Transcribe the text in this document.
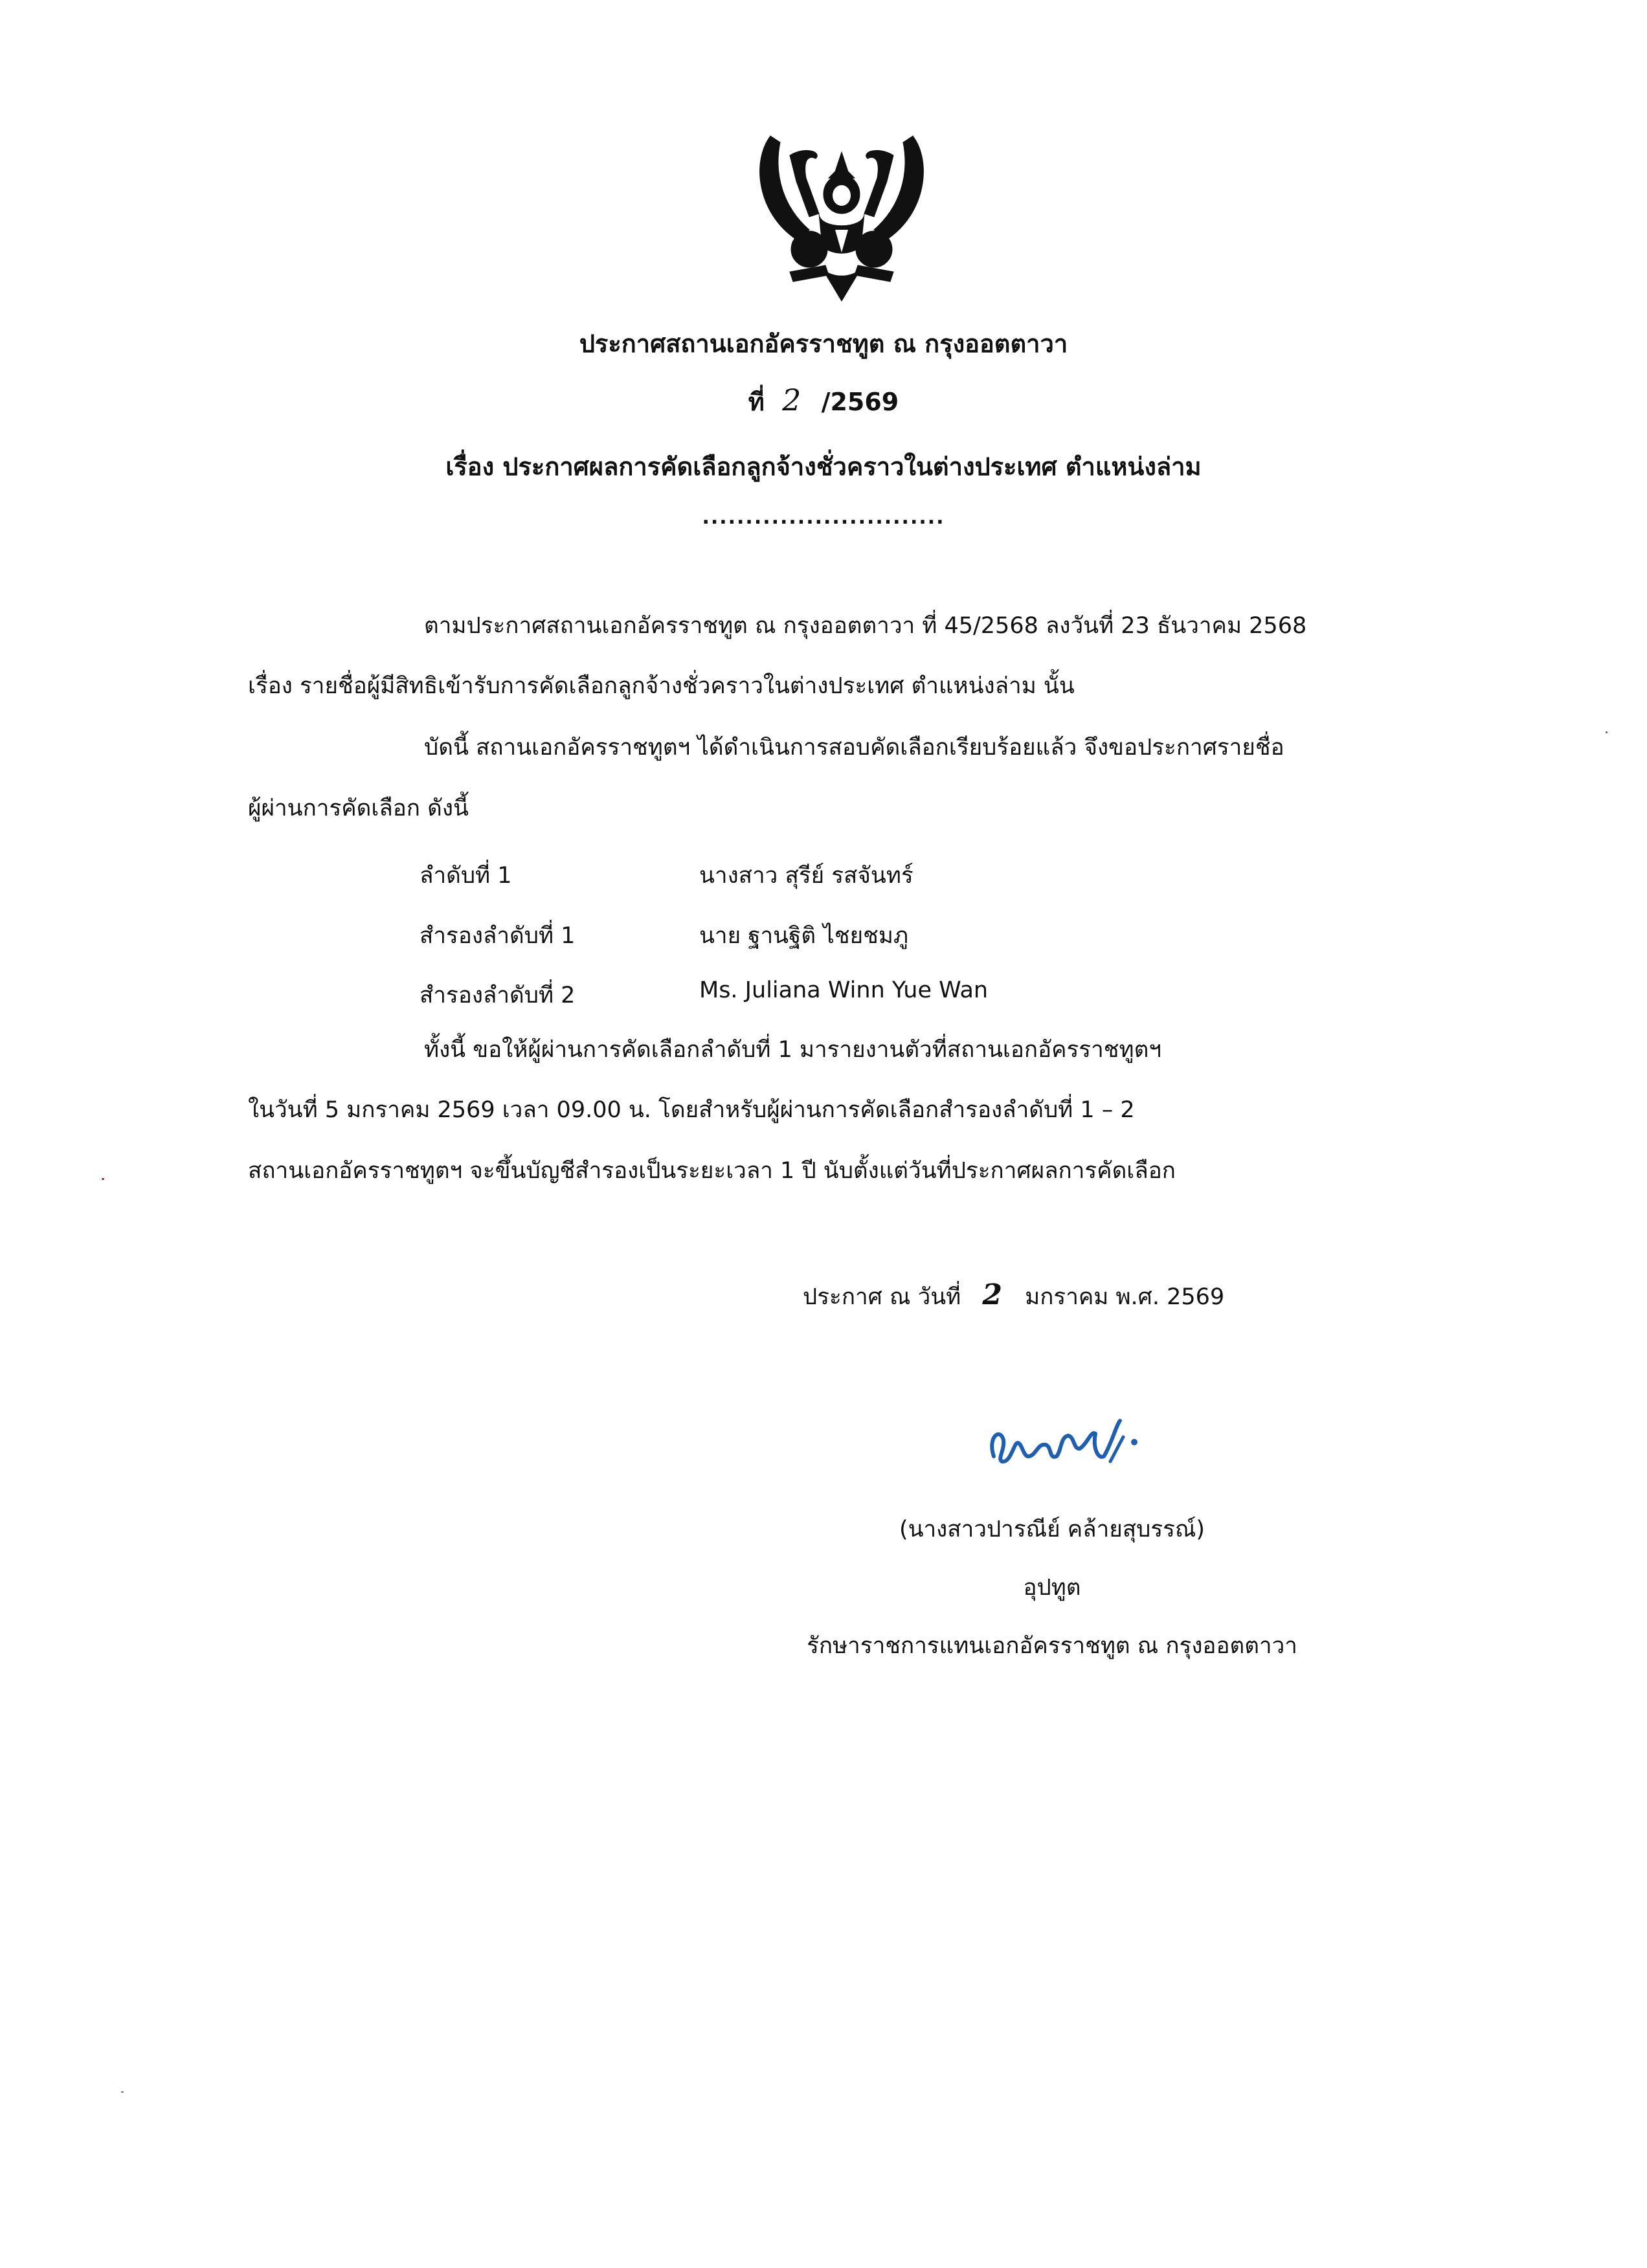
ประกาศสถานเอกอัครราชทูต ณ กรุงออตตาวา
ที่ 2 /2569
เรื่อง ประกาศผลการคัดเลือกลูกจ้างชั่วคราวในต่างประเทศ ตำแหน่งล่าม
............................
ตามประกาศสถานเอกอัครราชทูต ณ กรุงออตตาวา ที่ 45/2568 ลงวันที่ 23 ธันวาคม 2568
เรื่อง รายชื่อผู้มีสิทธิเข้ารับการคัดเลือกลูกจ้างชั่วคราวในต่างประเทศ ตำแหน่งล่าม นั้น
บัดนี้ สถานเอกอัครราชทูตฯ ได้ดำเนินการสอบคัดเลือกเรียบร้อยแล้ว จึงขอประกาศรายชื่อ
ผู้ผ่านการคัดเลือก ดังนี้
ลำดับที่ 1	นางสาว สุรีย์ รสจันทร์
สำรองลำดับที่ 1	นาย ฐานฐิติ ไชยชมภู
สำรองลำดับที่ 2	Ms. Juliana Winn Yue Wan
ทั้งนี้ ขอให้ผู้ผ่านการคัดเลือกลำดับที่ 1 มารายงานตัวที่สถานเอกอัครราชทูตฯ
ในวันที่ 5 มกราคม 2569 เวลา 09.00 น. โดยสำหรับผู้ผ่านการคัดเลือกสำรองลำดับที่ 1 – 2
สถานเอกอัครราชทูตฯ จะขึ้นบัญชีสำรองเป็นระยะเวลา 1 ปี นับตั้งแต่วันที่ประกาศผลการคัดเลือก
ประกาศ ณ วันที่ 2 มกราคม พ.ศ. 2569
(นางสาวปารณีย์ คล้ายสุบรรณ์)
อุปทูต
รักษาราชการแทนเอกอัครราชทูต ณ กรุงออตตาวา
